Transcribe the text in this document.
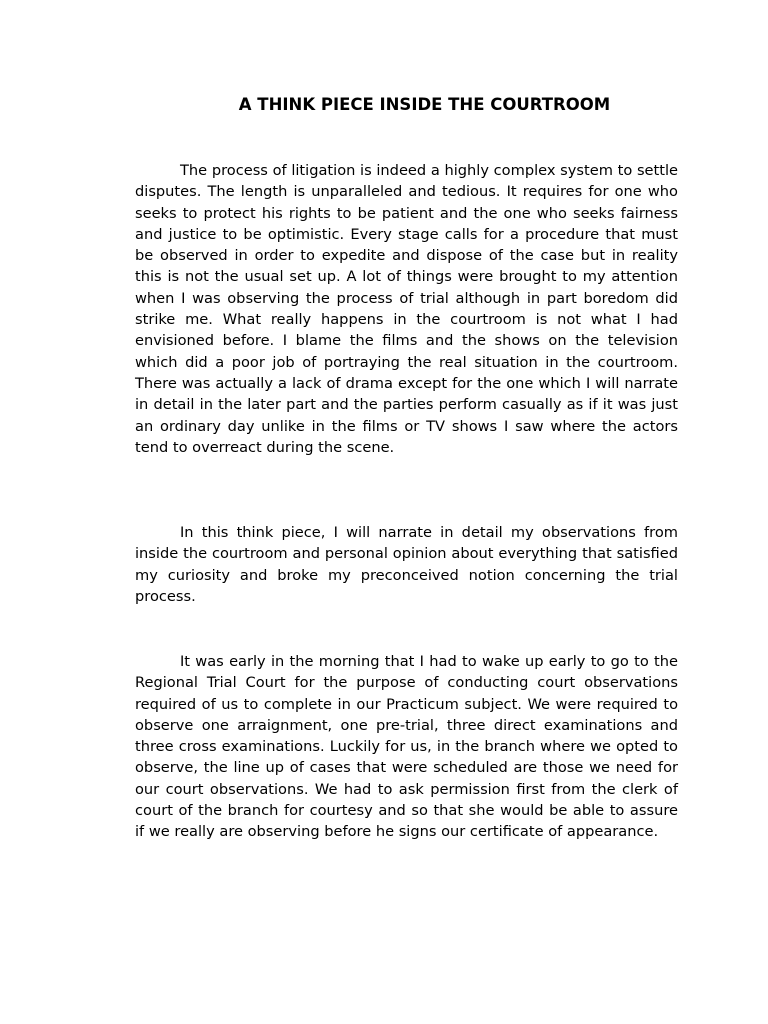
A THINK PIECE INSIDE THE COURTROOM

The process of litigation is indeed a highly complex system to settle disputes. The length is unparalleled and tedious. It requires for one who seeks to protect his rights to be patient and the one who seeks fairness and justice to be optimistic. Every stage calls for a procedure that must be observed in order to expedite and dispose of the case but in reality this is not the usual set up. A lot of things were brought to my attention when I was observing the process of trial although in part boredom did strike me. What really happens in the courtroom is not what I had envisioned before. I blame the films and the shows on the television which did a poor job of portraying the real situation in the courtroom. There was actually a lack of drama except for the one which I will narrate in detail in the later part and the parties perform casually as if it was just an ordinary day unlike in the films or TV shows I saw where the actors tend to overreact during the scene.

In this think piece, I will narrate in detail my observations from inside the courtroom and personal opinion about everything that satisfied my curiosity and broke my preconceived notion concerning the trial process.

It was early in the morning that I had to wake up early to go to the Regional Trial Court for the purpose of conducting court observations required of us to complete in our Practicum subject. We were required to observe one arraignment, one pre-trial, three direct examinations and three cross examinations. Luckily for us, in the branch where we opted to observe, the line up of cases that were scheduled are those we need for our court observations. We had to ask permission first from the clerk of court of the branch for courtesy and so that she would be able to assure if we really are observing before he signs our certificate of appearance.
